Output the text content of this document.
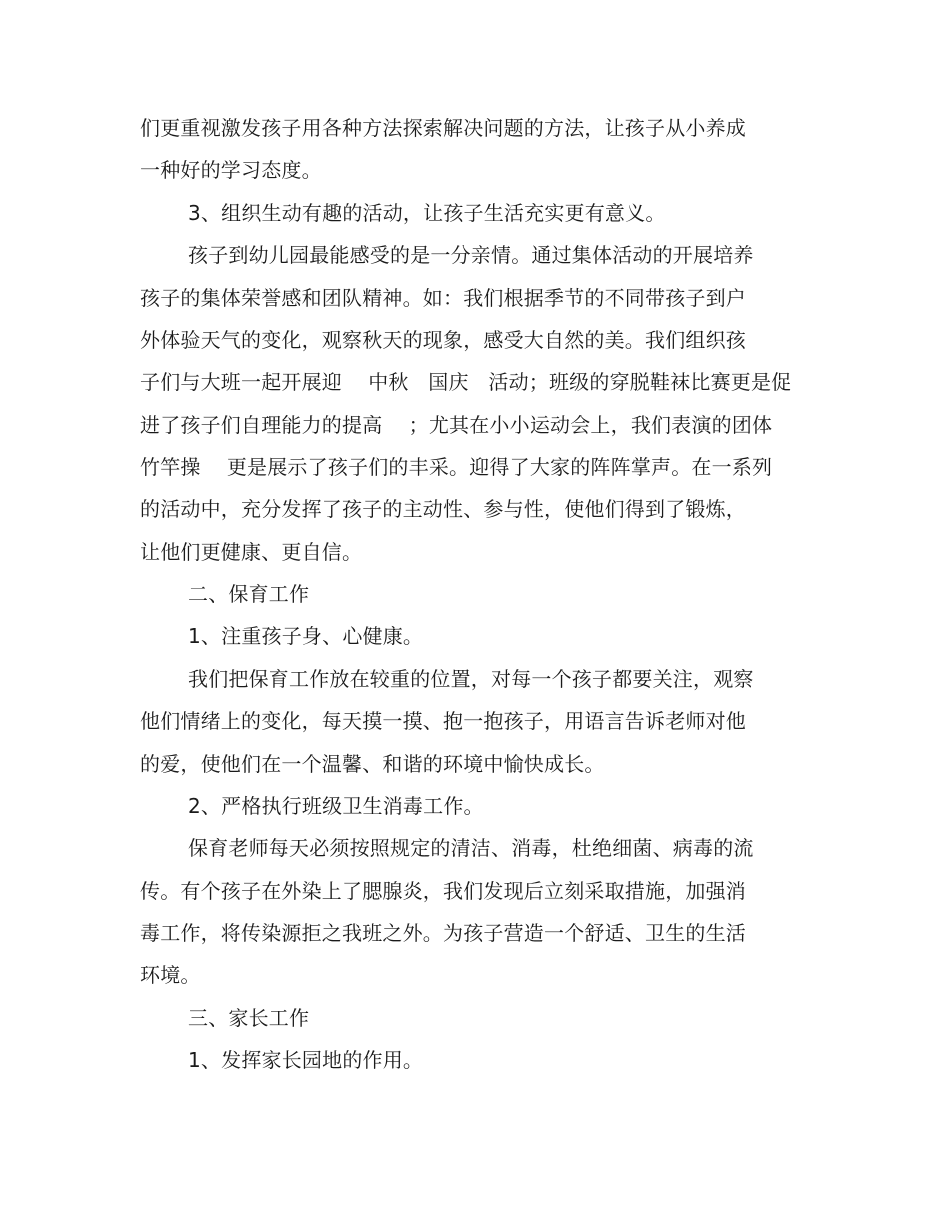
们更重视激发孩子用各种方法探索解决问题的方法，让孩子从小养成
一种好的学习态度。
3、组织生动有趣的活动，让孩子生活充实更有意义。
孩子到幼儿园最能感受的是一分亲情。通过集体活动的开展培养
孩子的集体荣誉感和团队精神。如：我们根据季节的不同带孩子到户
外体验天气的变化，观察秋天的现象，感受大自然的美。我们组织孩
子们与大班一起开展迎    中秋   国庆   活动；班级的穿脱鞋袜比赛更是促
进了孩子们自理能力的提高    ；尤其在小小运动会上，我们表演的团体
竹竿操    更是展示了孩子们的丰采。迎得了大家的阵阵掌声。在一系列
的活动中，充分发挥了孩子的主动性、参与性，使他们得到了锻炼，
让他们更健康、更自信。
二、保育工作
1、注重孩子身、心健康。
我们把保育工作放在较重的位置，对每一个孩子都要关注，观察
他们情绪上的变化，每天摸一摸、抱一抱孩子，用语言告诉老师对他
的爱，使他们在一个温馨、和谐的环境中愉快成长。
2、严格执行班级卫生消毒工作。
保育老师每天必须按照规定的清洁、消毒，杜绝细菌、病毒的流
传。有个孩子在外染上了腮腺炎，我们发现后立刻采取措施，加强消
毒工作，将传染源拒之我班之外。为孩子营造一个舒适、卫生的生活
环境。
三、家长工作
1、发挥家长园地的作用。
